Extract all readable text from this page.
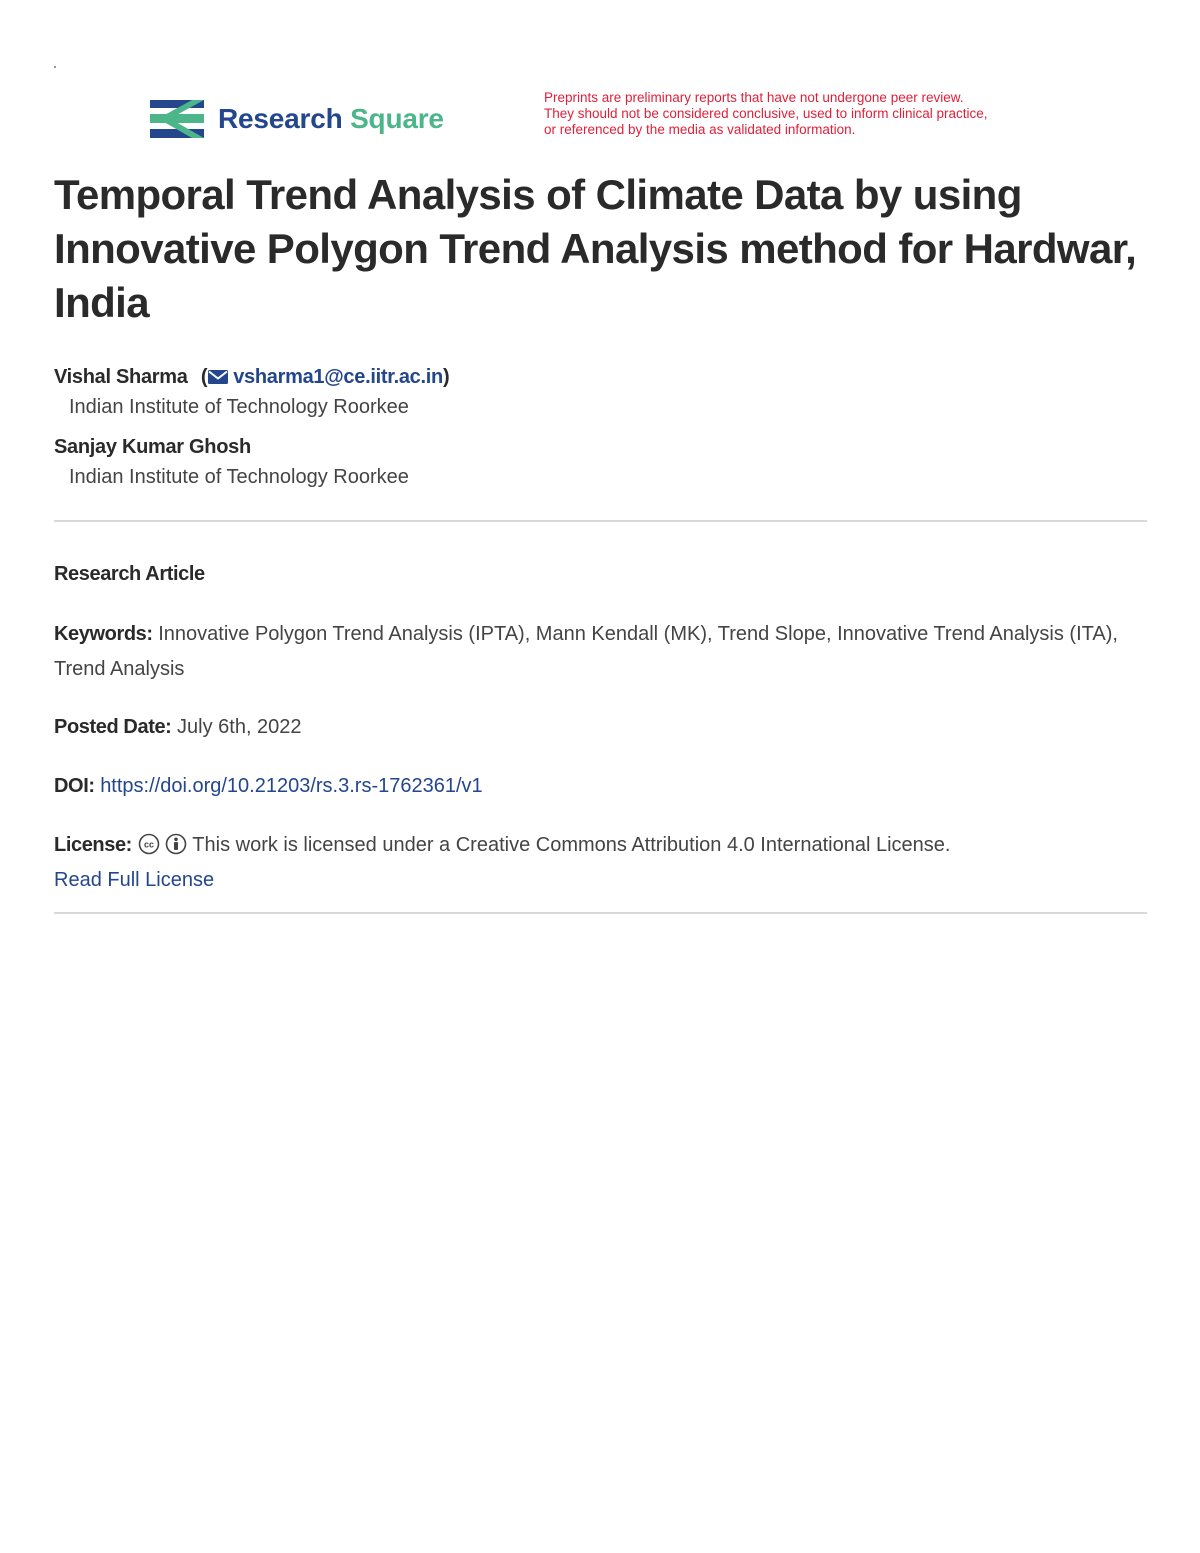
Research Square
Preprints are preliminary reports that have not undergone peer review.
They should not be considered conclusive, used to inform clinical practice,
or referenced by the media as validated information.
Temporal Trend Analysis of Climate Data by using Innovative Polygon Trend Analysis method for Hardwar, India
Vishal Sharma ( vsharma1@ce.iitr.ac.in)
Indian Institute of Technology Roorkee
Sanjay Kumar Ghosh
Indian Institute of Technology Roorkee
Research Article
Keywords: Innovative Polygon Trend Analysis (IPTA), Mann Kendall (MK), Trend Slope, Innovative Trend Analysis (ITA), Trend Analysis
Posted Date: July 6th, 2022
DOI: https://doi.org/10.21203/rs.3.rs-1762361/v1
License: cc This work is licensed under a Creative Commons Attribution 4.0 International License.
Read Full License
